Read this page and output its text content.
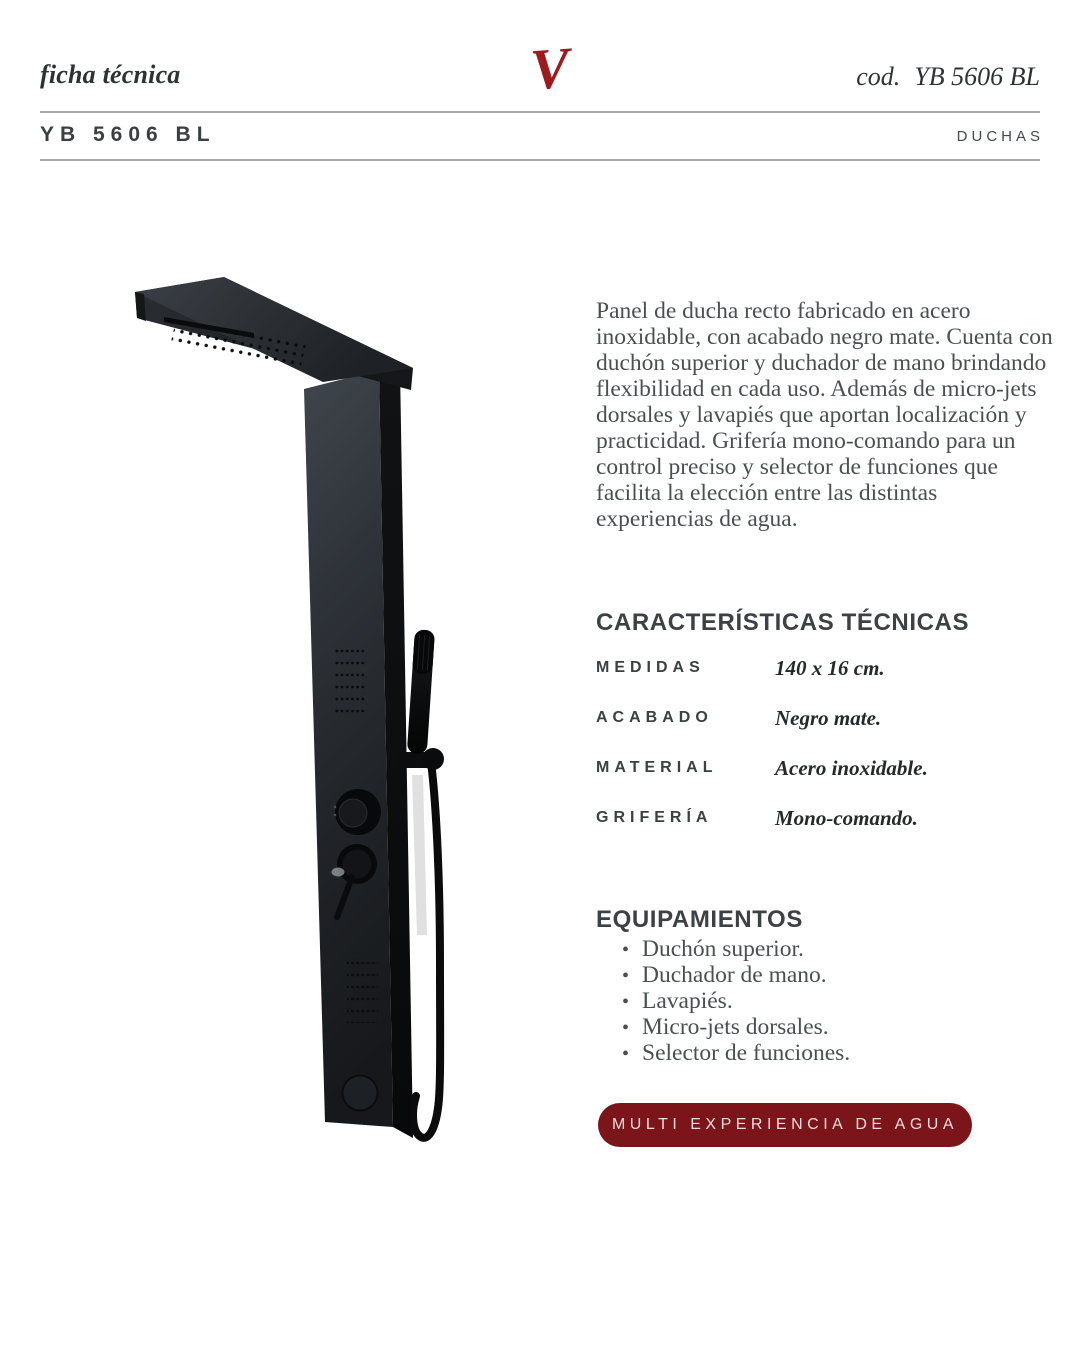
ficha técnica	V	cod. YB 5606 BL
YB 5606 BL	DUCHAS

Panel de ducha recto fabricado en acero inoxidable, con acabado negro mate. Cuenta con duchón superior y duchador de mano brindando flexibilidad en cada uso. Además de micro-jets dorsales y lavapiés que aportan localización y practicidad. Grifería mono-comando para un control preciso y selector de funciones que facilita la elección entre las distintas experiencias de agua.

CARACTERÍSTICAS TÉCNICAS
MEDIDAS	140 x 16 cm.
ACABADO	Negro mate.
MATERIAL	Acero inoxidable.
GRIFERÍA	Mono-comando.
EQUIPAMIENTOS
• Duchón superior.
• Duchador de mano.
• Lavapiés.
• Micro-jets dorsales.
• Selector de funciones.
MULTI EXPERIENCIA DE AGUA
